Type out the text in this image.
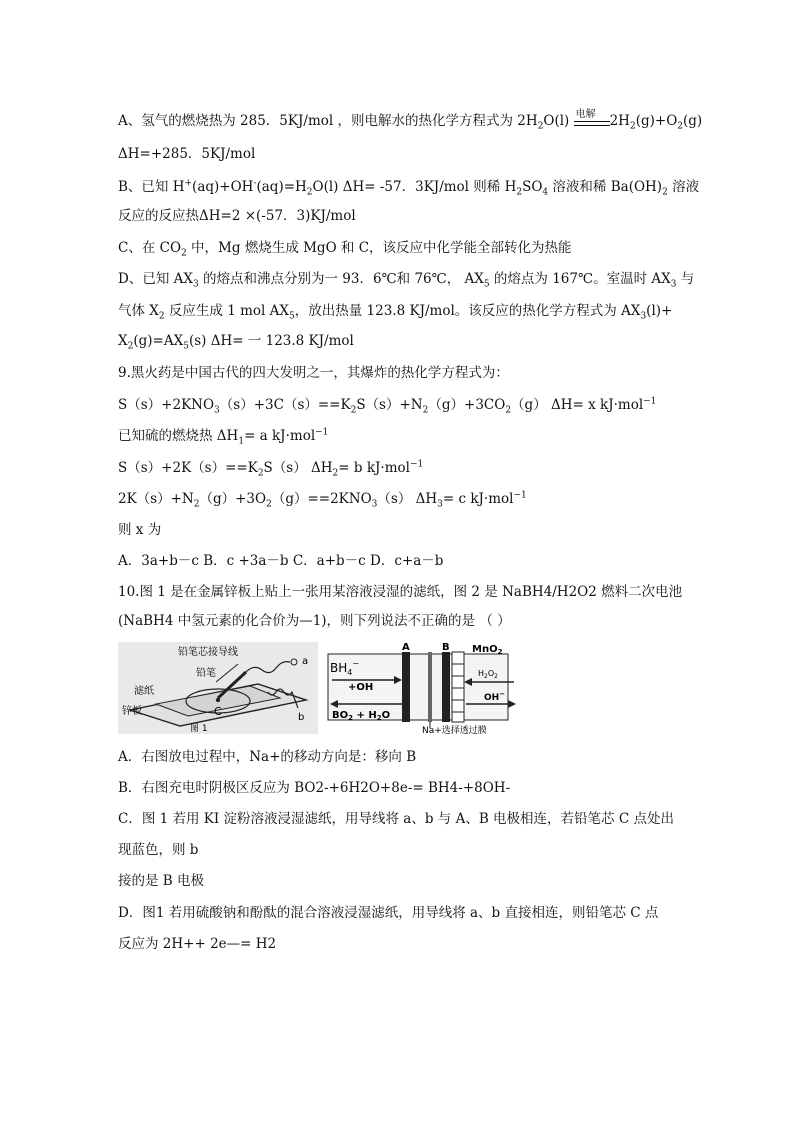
A、氢气的燃烧热为 285．5KJ/mol ，则电解水的热化学方程式为 $2H_2O(l)$ 电解 $2H_2(g)+O_2(g)$
ΔH=+285．5KJ/mol
B、已知 $H^+(aq)+OH^-(aq)=H_2O(l)$ ΔH= -57．3KJ/mol 则稀 $H_2SO_4$ 溶液和稀 $Ba(OH)_2$ 溶液
反应的反应热ΔH=2 ×(-57．3)KJ/mol
C、在 $CO_2$ 中，Mg 燃烧生成 MgO 和 C，该反应中化学能全部转化为热能
D、已知 $AX_3$ 的熔点和沸点分别为一 93．6℃和 76℃， $AX_5$ 的熔点为 167℃。室温时 $AX_3$ 与
气体 $X_2$ 反应生成 1 mol $AX_5$，放出热量 123.8 KJ/mol。该反应的热化学方程式为 $AX_3(l)+$
$X_2(g)=AX_5(s)$ ΔH= 一 123.8 KJ/mol
9.黑火药是中国古代的四大发明之一，其爆炸的热化学方程式为：
$S(s)+2KNO_3(s)+3C(s)==K_2S(s)+N_2(g)+3CO_2(g)$ ΔH= x kJ·mol$^{-1}$
已知硫的燃烧热 $\Delta H_1= a$ kJ·mol$^{-1}$
$S(s)+2K(s)==K_2S(s)$ $\Delta H_2= b$ kJ·mol$^{-1}$
$2K(s)+N_2(g)+3O_2(g)==2KNO_3(s)$ $\Delta H_3= c$ kJ·mol$^{-1}$
则 x 为
A．3a+b－c B．c +3a－b C．a+b－c D．c+a－b
10.图 1 是在金属锌板上贴上一张用某溶液浸湿的滤纸，图 2 是 NaBH4/H2O2 燃料二次电池
(NaBH4 中氢元素的化合价为—1)，则下列说法不正确的是 （ ）
铅笔芯接导线
铅笔
滤纸
锌板	C
a
b
图 1
$BH_4^-$
+OH
$BO_2 + H_2O$
A	B MnO$_2$
$H_2O_2$
OH−
Na+选择透过膜
A．右图放电过程中，Na+的移动方向是：移向 B
B．右图充电时阴极区反应为 BO2-+6H2O+8e-= BH4-+8OH-
C．图 1 若用 KI 淀粉溶液浸湿滤纸，用导线将 a、b 与 A、B 电极相连，若铅笔芯 C 点处出
现蓝色，则 b
接的是 B 电极
D．图1 若用硫酸钠和酚酞的混合溶液浸湿滤纸，用导线将 a、b 直接相连，则铅笔芯 C 点
反应为 2H++ 2e—= H2
